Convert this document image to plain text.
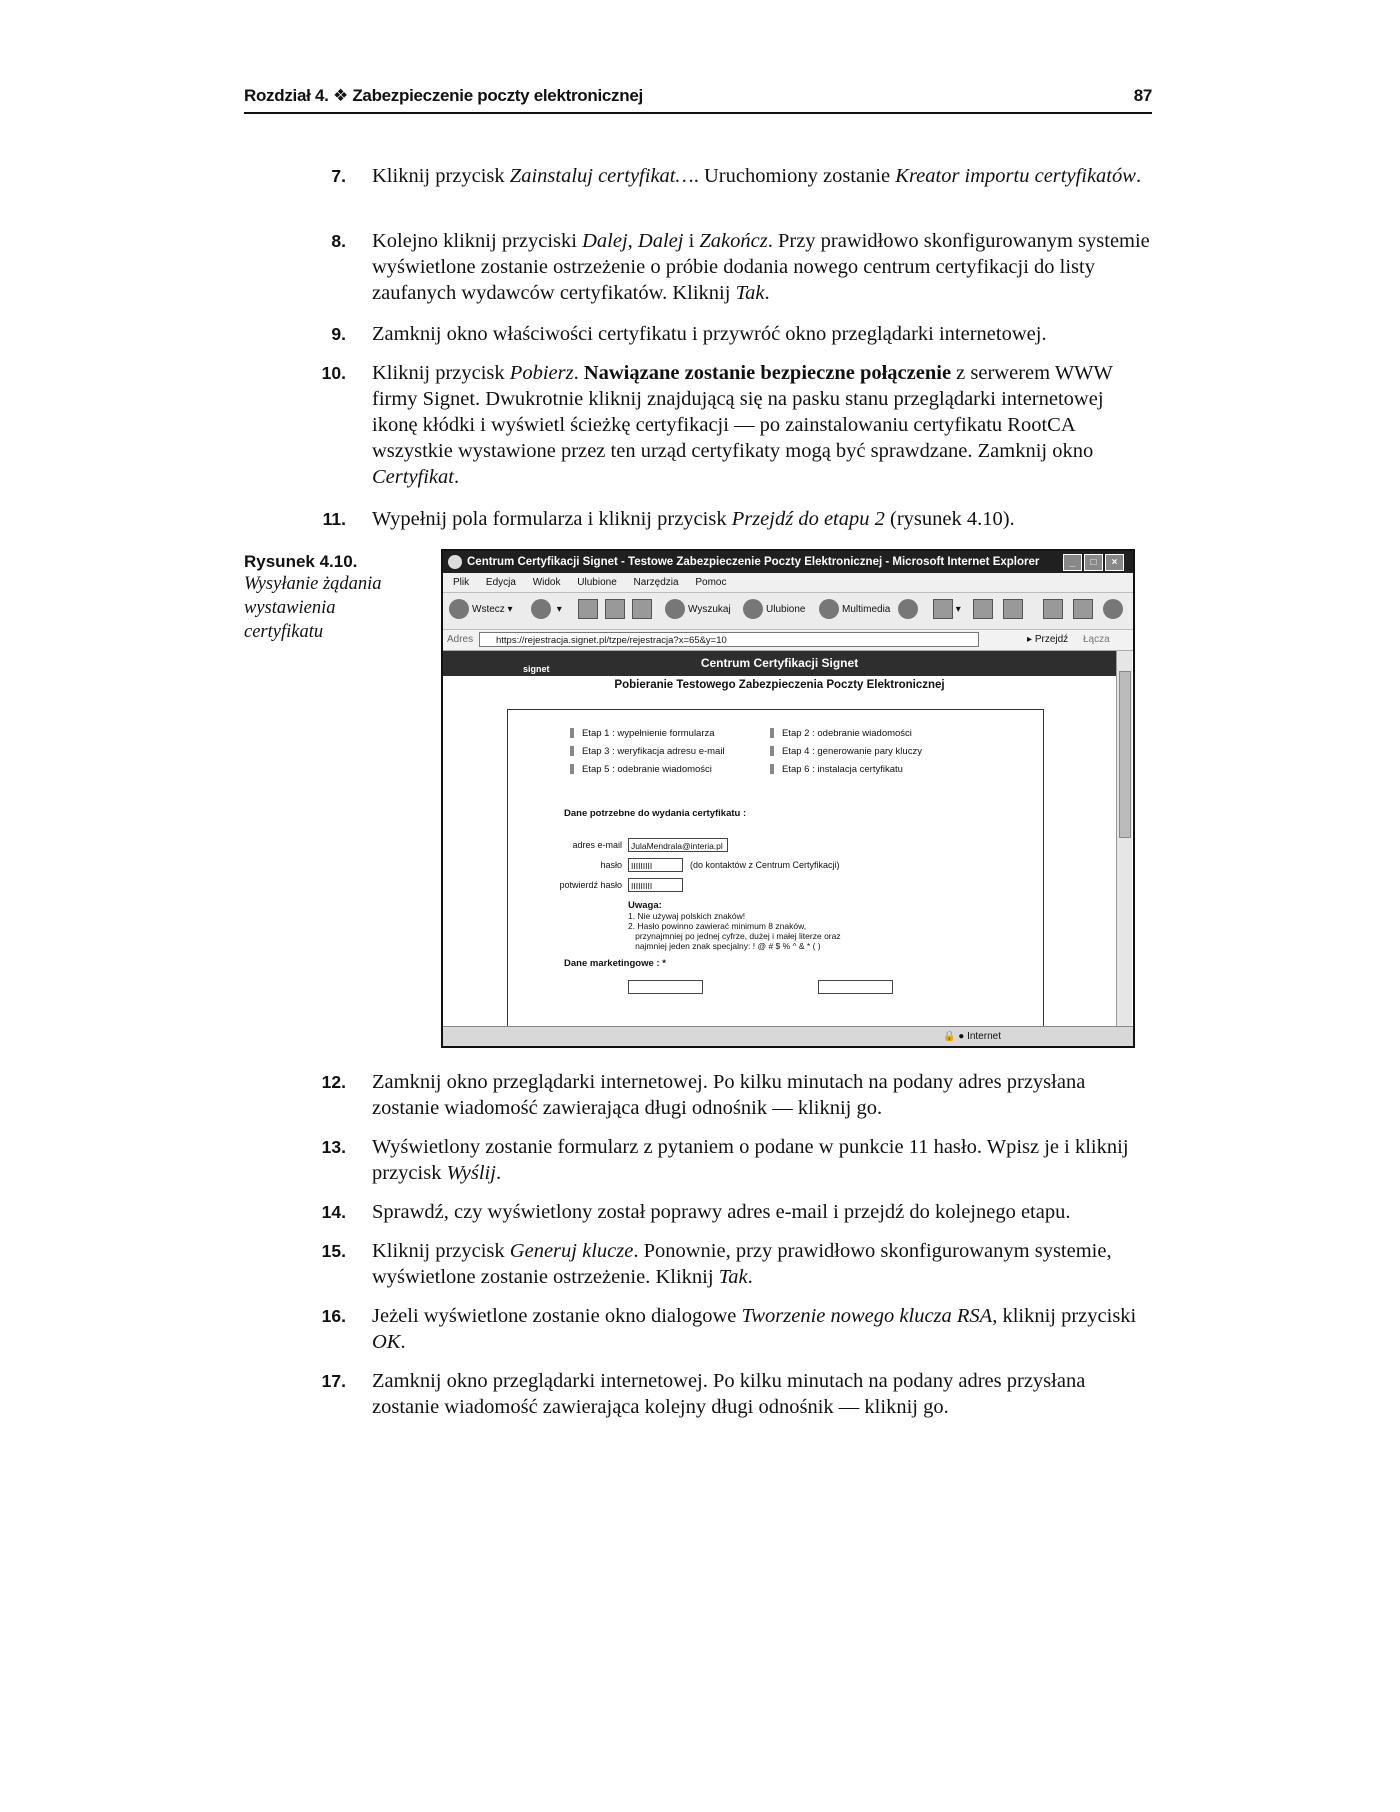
Rozdział 4. ❖ Zabezpieczenie poczty elektronicznej	87
7.	Kliknij przycisk Zainstaluj certyfikat…. Uruchomiony zostanie Kreator importu certyfikatów.
8.	Kolejno kliknij przyciski Dalej, Dalej i Zakończ. Przy prawidłowo skonfigurowanym systemie wyświetlone zostanie ostrzeżenie o próbie dodania nowego centrum certyfikacji do listy zaufanych wydawców certyfikatów. Kliknij Tak.
9.	Zamknij okno właściwości certyfikatu i przywróć okno przeglądarki internetowej.
10.	Kliknij przycisk Pobierz. Nawiązane zostanie bezpieczne połączenie z serwerem WWW firmy Signet. Dwukrotnie kliknij znajdującą się na pasku stanu przeglądarki internetowej ikonę kłódki i wyświetl ścieżkę certyfikacji — po zainstalowaniu certyfikatu RootCA wszystkie wystawione przez ten urząd certyfikaty mogą być sprawdzane. Zamknij okno Certyfikat.
11.	Wypełnij pola formularza i kliknij przycisk Przejdź do etapu 2 (rysunek 4.10).
Rysunek 4.10.
Wysyłanie żądania wystawienia certyfikatu
Centrum Certyfikacji Signet - Testowe Zabezpieczenie Poczty Elektronicznej - Microsoft Internet Explorer	_	□	×
Plik Edycja Widok Ulubione Narzędzia Pomoc
Wstecz ▾	▾	Wyszukaj	Ulubione	Multimedia	▾
Adres	https://rejestracja.signet.pl/tzpe/rejestracja?x=65&y=10	▸ Przejdź Łącza
signet	Centrum Certyfikacji Signet
Pobieranie Testowego Zabezpieczenia Poczty Elektronicznej
Etap 1 : wypełnienie formularza	Etap 2 : odebranie wiadomości
Etap 3 : weryfikacja adresu e-mail	Etap 4 : generowanie pary kluczy
Etap 5 : odebranie wiadomości	Etap 6 : instalacja certyfikatu
Dane potrzebne do wydania certyfikatu :
adres e-mail	JulaMendrala@interia.pl
hasło	IIIIIIIII	(do kontaktów z Centrum Certyfikacji)
potwierdź hasło	IIIIIIIII
Uwaga:
1. Nie używaj polskich znaków!
2. Hasło powinno zawierać minimum 8 znaków,
przynajmniej po jednej cyfrze, dużej i małej literze oraz
najmniej jeden znak specjalny: ! @ # $ % ^ & * ( )
Dane marketingowe : *
🔒 ● Internet
12.	Zamknij okno przeglądarki internetowej. Po kilku minutach na podany adres przysłana zostanie wiadomość zawierająca długi odnośnik — kliknij go.
13.	Wyświetlony zostanie formularz z pytaniem o podane w punkcie 11 hasło. Wpisz je i kliknij przycisk Wyślij.
14.	Sprawdź, czy wyświetlony został poprawy adres e-mail i przejdź do kolejnego etapu.
15.	Kliknij przycisk Generuj klucze. Ponownie, przy prawidłowo skonfigurowanym systemie, wyświetlone zostanie ostrzeżenie. Kliknij Tak.
16.	Jeżeli wyświetlone zostanie okno dialogowe Tworzenie nowego klucza RSA, kliknij przyciski OK.
17.	Zamknij okno przeglądarki internetowej. Po kilku minutach na podany adres przysłana zostanie wiadomość zawierająca kolejny długi odnośnik — kliknij go.
